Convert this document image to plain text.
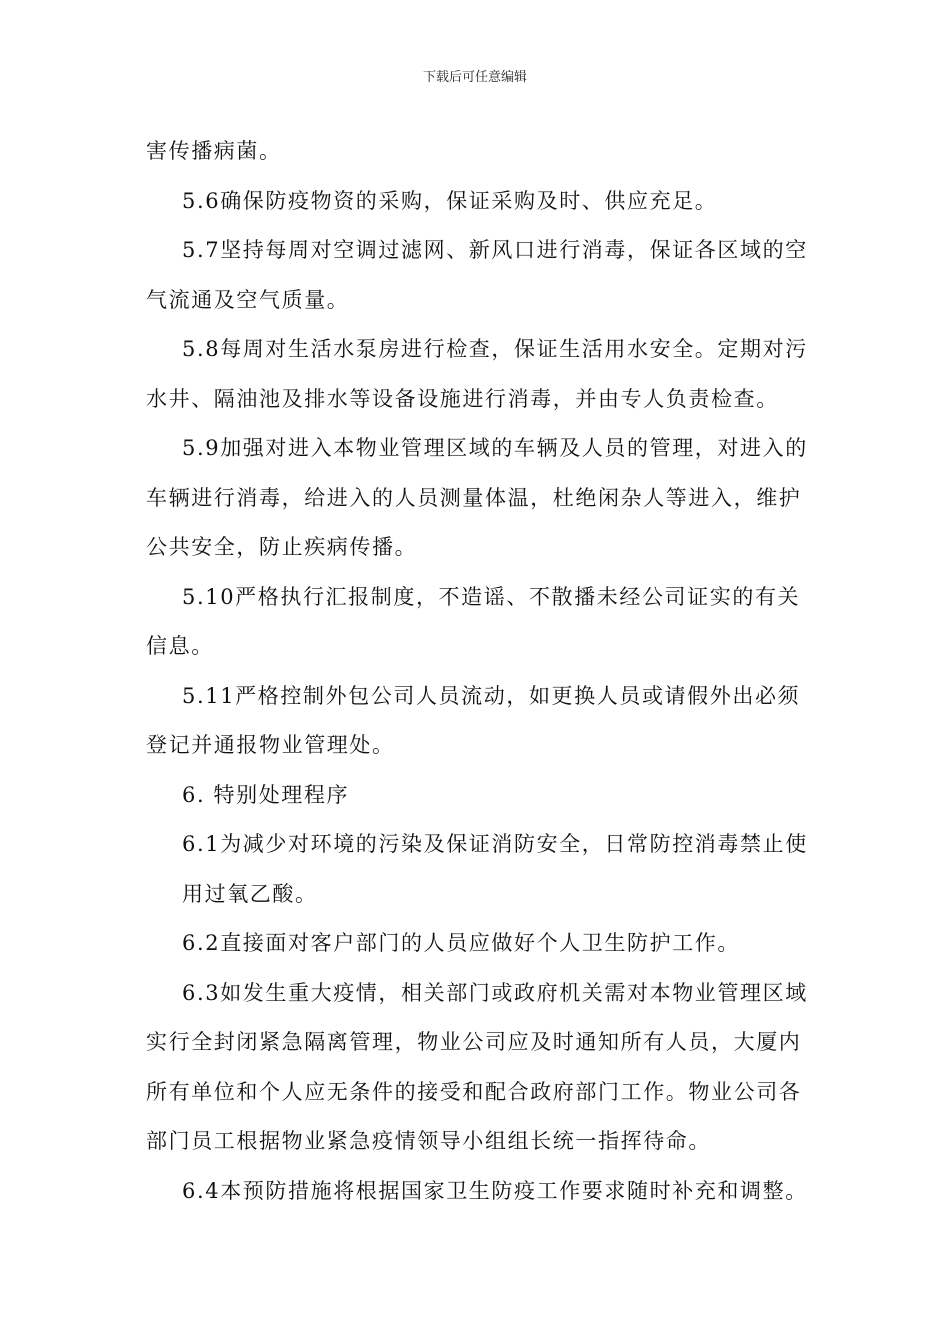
下载后可任意编辑
害传播病菌。
5.6确保防疫物资的采购，保证采购及时、供应充足。
5.7坚持每周对空调过滤网、新风口进行消毒，保证各区域的空
气流通及空气质量。
5.8每周对生活水泵房进行检查，保证生活用水安全。定期对污
水井、隔油池及排水等设备设施进行消毒，并由专人负责检查。
5.9加强对进入本物业管理区域的车辆及人员的管理，对进入的
车辆进行消毒，给进入的人员测量体温，杜绝闲杂人等进入，维护
公共安全，防止疾病传播。
5.10严格执行汇报制度，不造谣、不散播未经公司证实的有关
信息。
5.11严格控制外包公司人员流动，如更换人员或请假外出必须
登记并通报物业管理处。
6. 特别处理程序
6.1为减少对环境的污染及保证消防安全，日常防控消毒禁止使
用过氧乙酸。
6.2直接面对客户部门的人员应做好个人卫生防护工作。
6.3如发生重大疫情，相关部门或政府机关需对本物业管理区域
实行全封闭紧急隔离管理，物业公司应及时通知所有人员，大厦内
所有单位和个人应无条件的接受和配合政府部门工作。物业公司各
部门员工根据物业紧急疫情领导小组组长统一指挥待命。
6.4本预防措施将根据国家卫生防疫工作要求随时补充和调整。
